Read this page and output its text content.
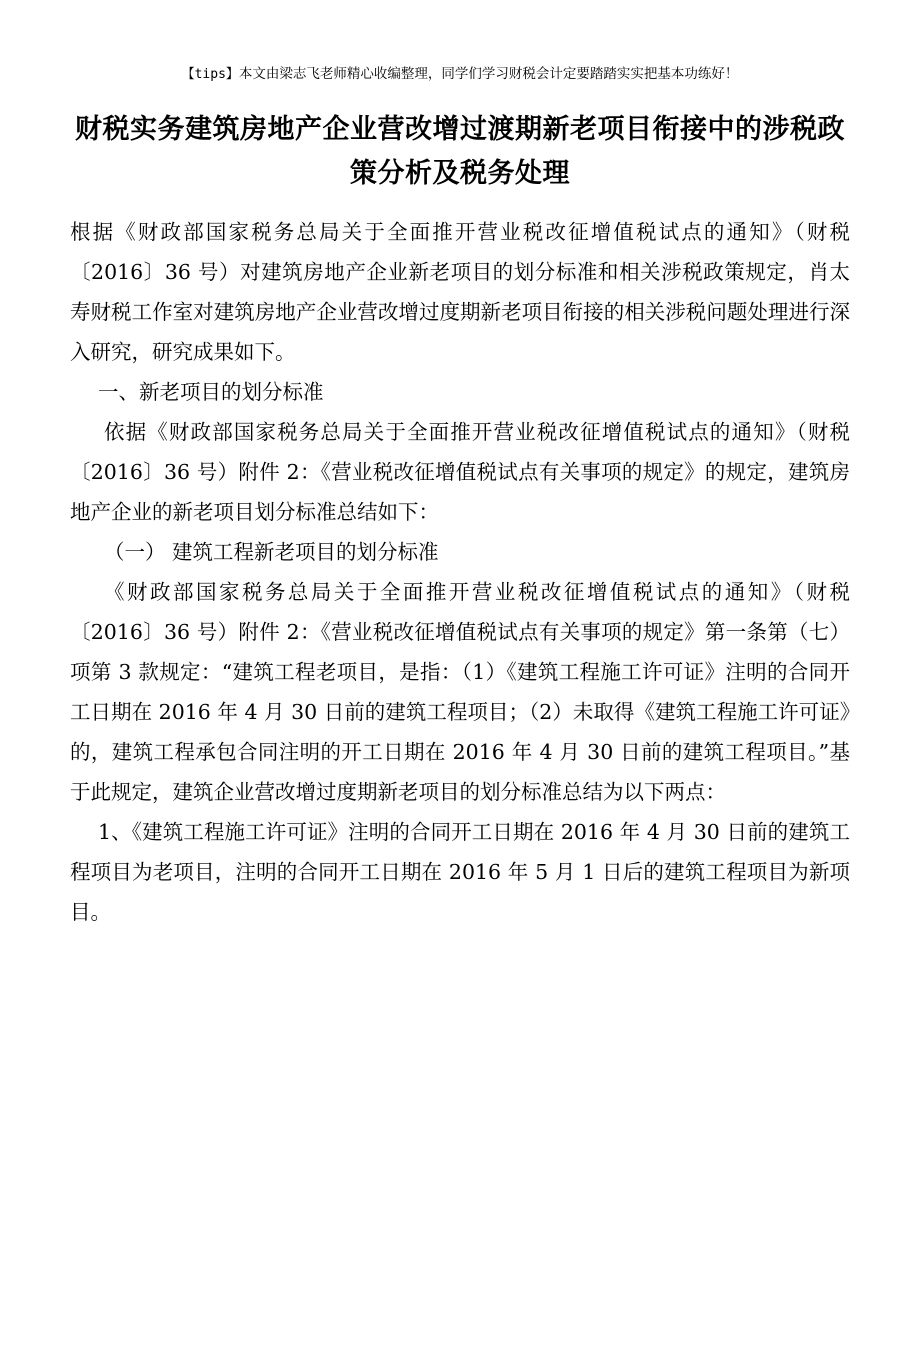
【tips】本文由梁志飞老师精心收编整理，同学们学习财税会计定要踏踏实实把基本功练好！
财税实务建筑房地产企业营改增过渡期新老项目衔接中的涉税政策分析及税务处理

根据《财政部国家税务总局关于全面推开营业税改征增值税试点的通知》（财税〔2016〕36 号）对建筑房地产企业新老项目的划分标准和相关涉税政策规定，肖太寿财税工作室对建筑房地产企业营改增过度期新老项目衔接的相关涉税问题处理进行深入研究，研究成果如下。

一、新老项目的划分标准

依据《财政部国家税务总局关于全面推开营业税改征增值税试点的通知》（财税〔2016〕36 号）附件 2：《营业税改征增值税试点有关事项的规定》的规定，建筑房地产企业的新老项目划分标准总结如下：

（一） 建筑工程新老项目的划分标准

《财政部国家税务总局关于全面推开营业税改征增值税试点的通知》（财税〔2016〕36 号）附件 2：《营业税改征增值税试点有关事项的规定》第一条第（七）项第 3 款规定：“建筑工程老项目，是指：（1）《建筑工程施工许可证》注明的合同开工日期在 2016 年 4 月 30 日前的建筑工程项目；（2）未取得《建筑工程施工许可证》的，建筑工程承包合同注明的开工日期在 2016 年 4 月 30 日前的建筑工程项目。”基于此规定，建筑企业营改增过度期新老项目的划分标准总结为以下两点：

1、《建筑工程施工许可证》注明的合同开工日期在 2016 年 4 月 30 日前的建筑工程项目为老项目，注明的合同开工日期在 2016 年 5 月 1 日后的建筑工程项目为新项目。
